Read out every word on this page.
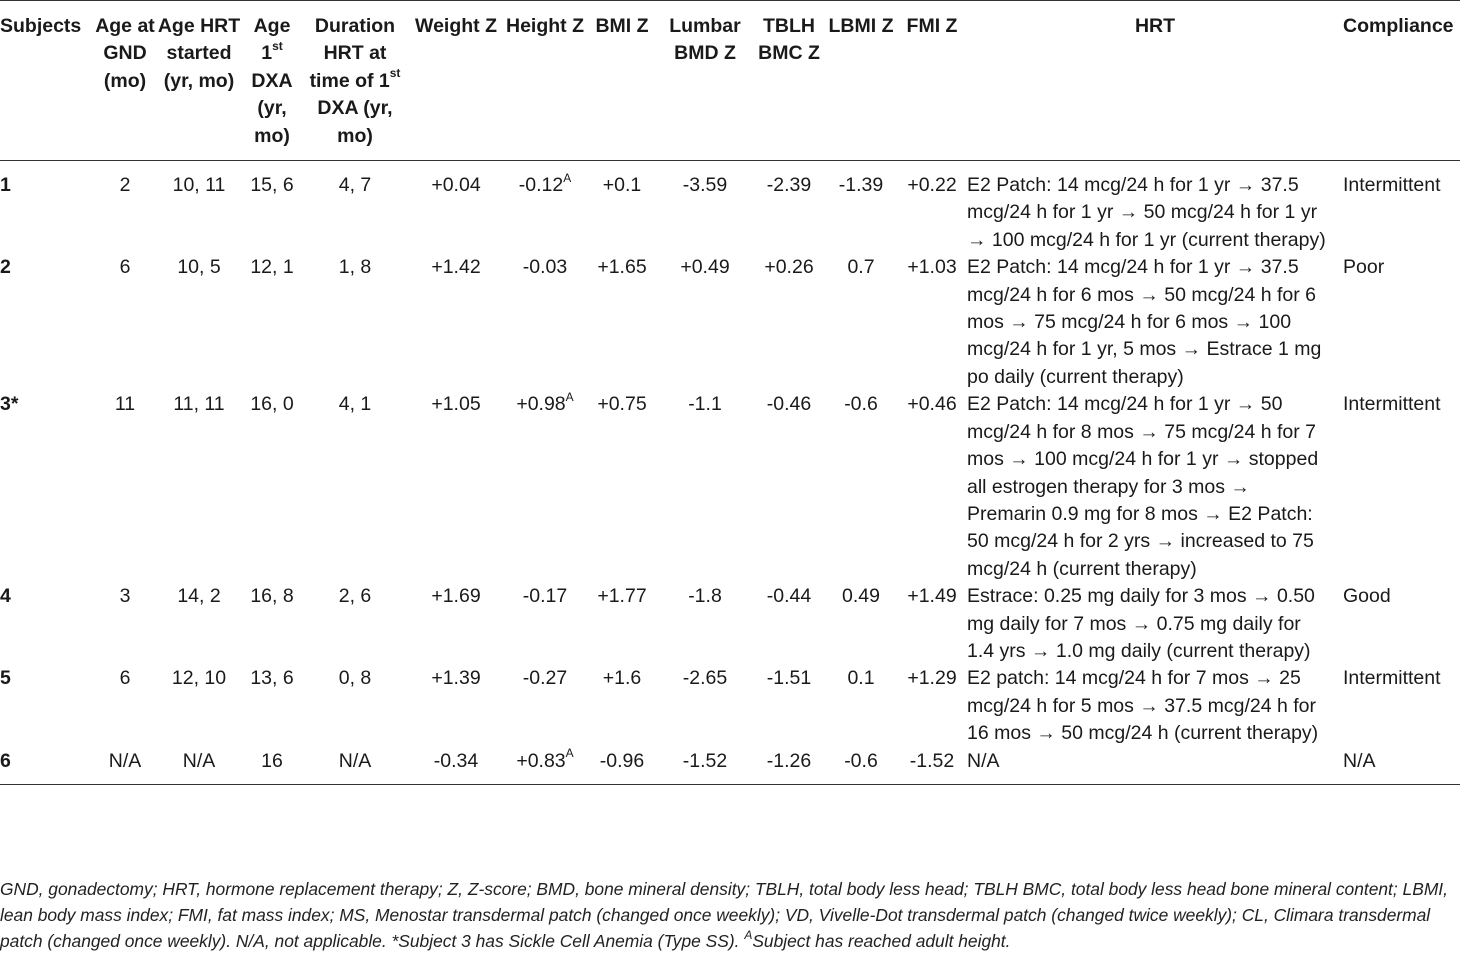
Subjects	Age at GND (mo)	Age HRT started (yr, mo)	Age 1st DXA (yr, mo)	Duration HRT at time of 1st DXA (yr, mo)	Weight Z	Height Z	BMI Z	Lumbar BMD Z	TBLH BMC Z	LBMI Z	FMI Z	HRT	Compliance
1	2	10, 11	15, 6	4, 7	+0.04	$-0.12^A$	+0.1	-3.59	-2.39	-1.39	+0.22	E2 Patch: 14 mcg/24 h for 1 yr → 37.5 mcg/24 h for 1 yr → 50 mcg/24 h for 1 yr → 100 mcg/24 h for 1 yr (current therapy)	Intermittent
2	6	10, 5	12, 1	1, 8	+1.42	-0.03	+1.65	+0.49	+0.26	0.7	+1.03	E2 Patch: 14 mcg/24 h for 1 yr → 37.5 mcg/24 h for 6 mos → 50 mcg/24 h for 6 mos → 75 mcg/24 h for 6 mos → 100 mcg/24 h for 1 yr, 5 mos → Estrace 1 mg po daily (current therapy)	Poor
3*	11	11, 11	16, 0	4, 1	+1.05	$+0.98^A$	+0.75	-1.1	-0.46	-0.6	+0.46	E2 Patch: 14 mcg/24 h for 1 yr → 50 mcg/24 h for 8 mos → 75 mcg/24 h for 7 mos → 100 mcg/24 h for 1 yr → stopped all estrogen therapy for 3 mos → Premarin 0.9 mg for 8 mos → E2 Patch: 50 mcg/24 h for 2 yrs → increased to 75 mcg/24 h (current therapy)	Intermittent
4	3	14, 2	16, 8	2, 6	+1.69	-0.17	+1.77	-1.8	-0.44	0.49	+1.49	Estrace: 0.25 mg daily for 3 mos → 0.50 mg daily for 7 mos → 0.75 mg daily for 1.4 yrs → 1.0 mg daily (current therapy)	Good
5	6	12, 10	13, 6	0, 8	+1.39	-0.27	+1.6	-2.65	-1.51	0.1	+1.29	E2 patch: 14 mcg/24 h for 7 mos → 25 mcg/24 h for 5 mos → 37.5 mcg/24 h for 16 mos → 50 mcg/24 h (current therapy)	Intermittent
6	N/A	N/A	16	N/A	-0.34	$+0.83^A$	-0.96	-1.52	-1.26	-0.6	-1.52	N/A	N/A
GND, gonadectomy; HRT, hormone replacement therapy; Z, Z-score; BMD, bone mineral density; TBLH, total body less head; TBLH BMC, total body less head bone mineral content; LBMI, lean body mass index; FMI, fat mass index; MS, Menostar transdermal patch (changed once weekly); VD, Vivelle-Dot transdermal patch (changed twice weekly); CL, Climara transdermal patch (changed once weekly). N/A, not applicable. *Subject 3 has Sickle Cell Anemia (Type SS). $^A$Subject has reached adult height.
